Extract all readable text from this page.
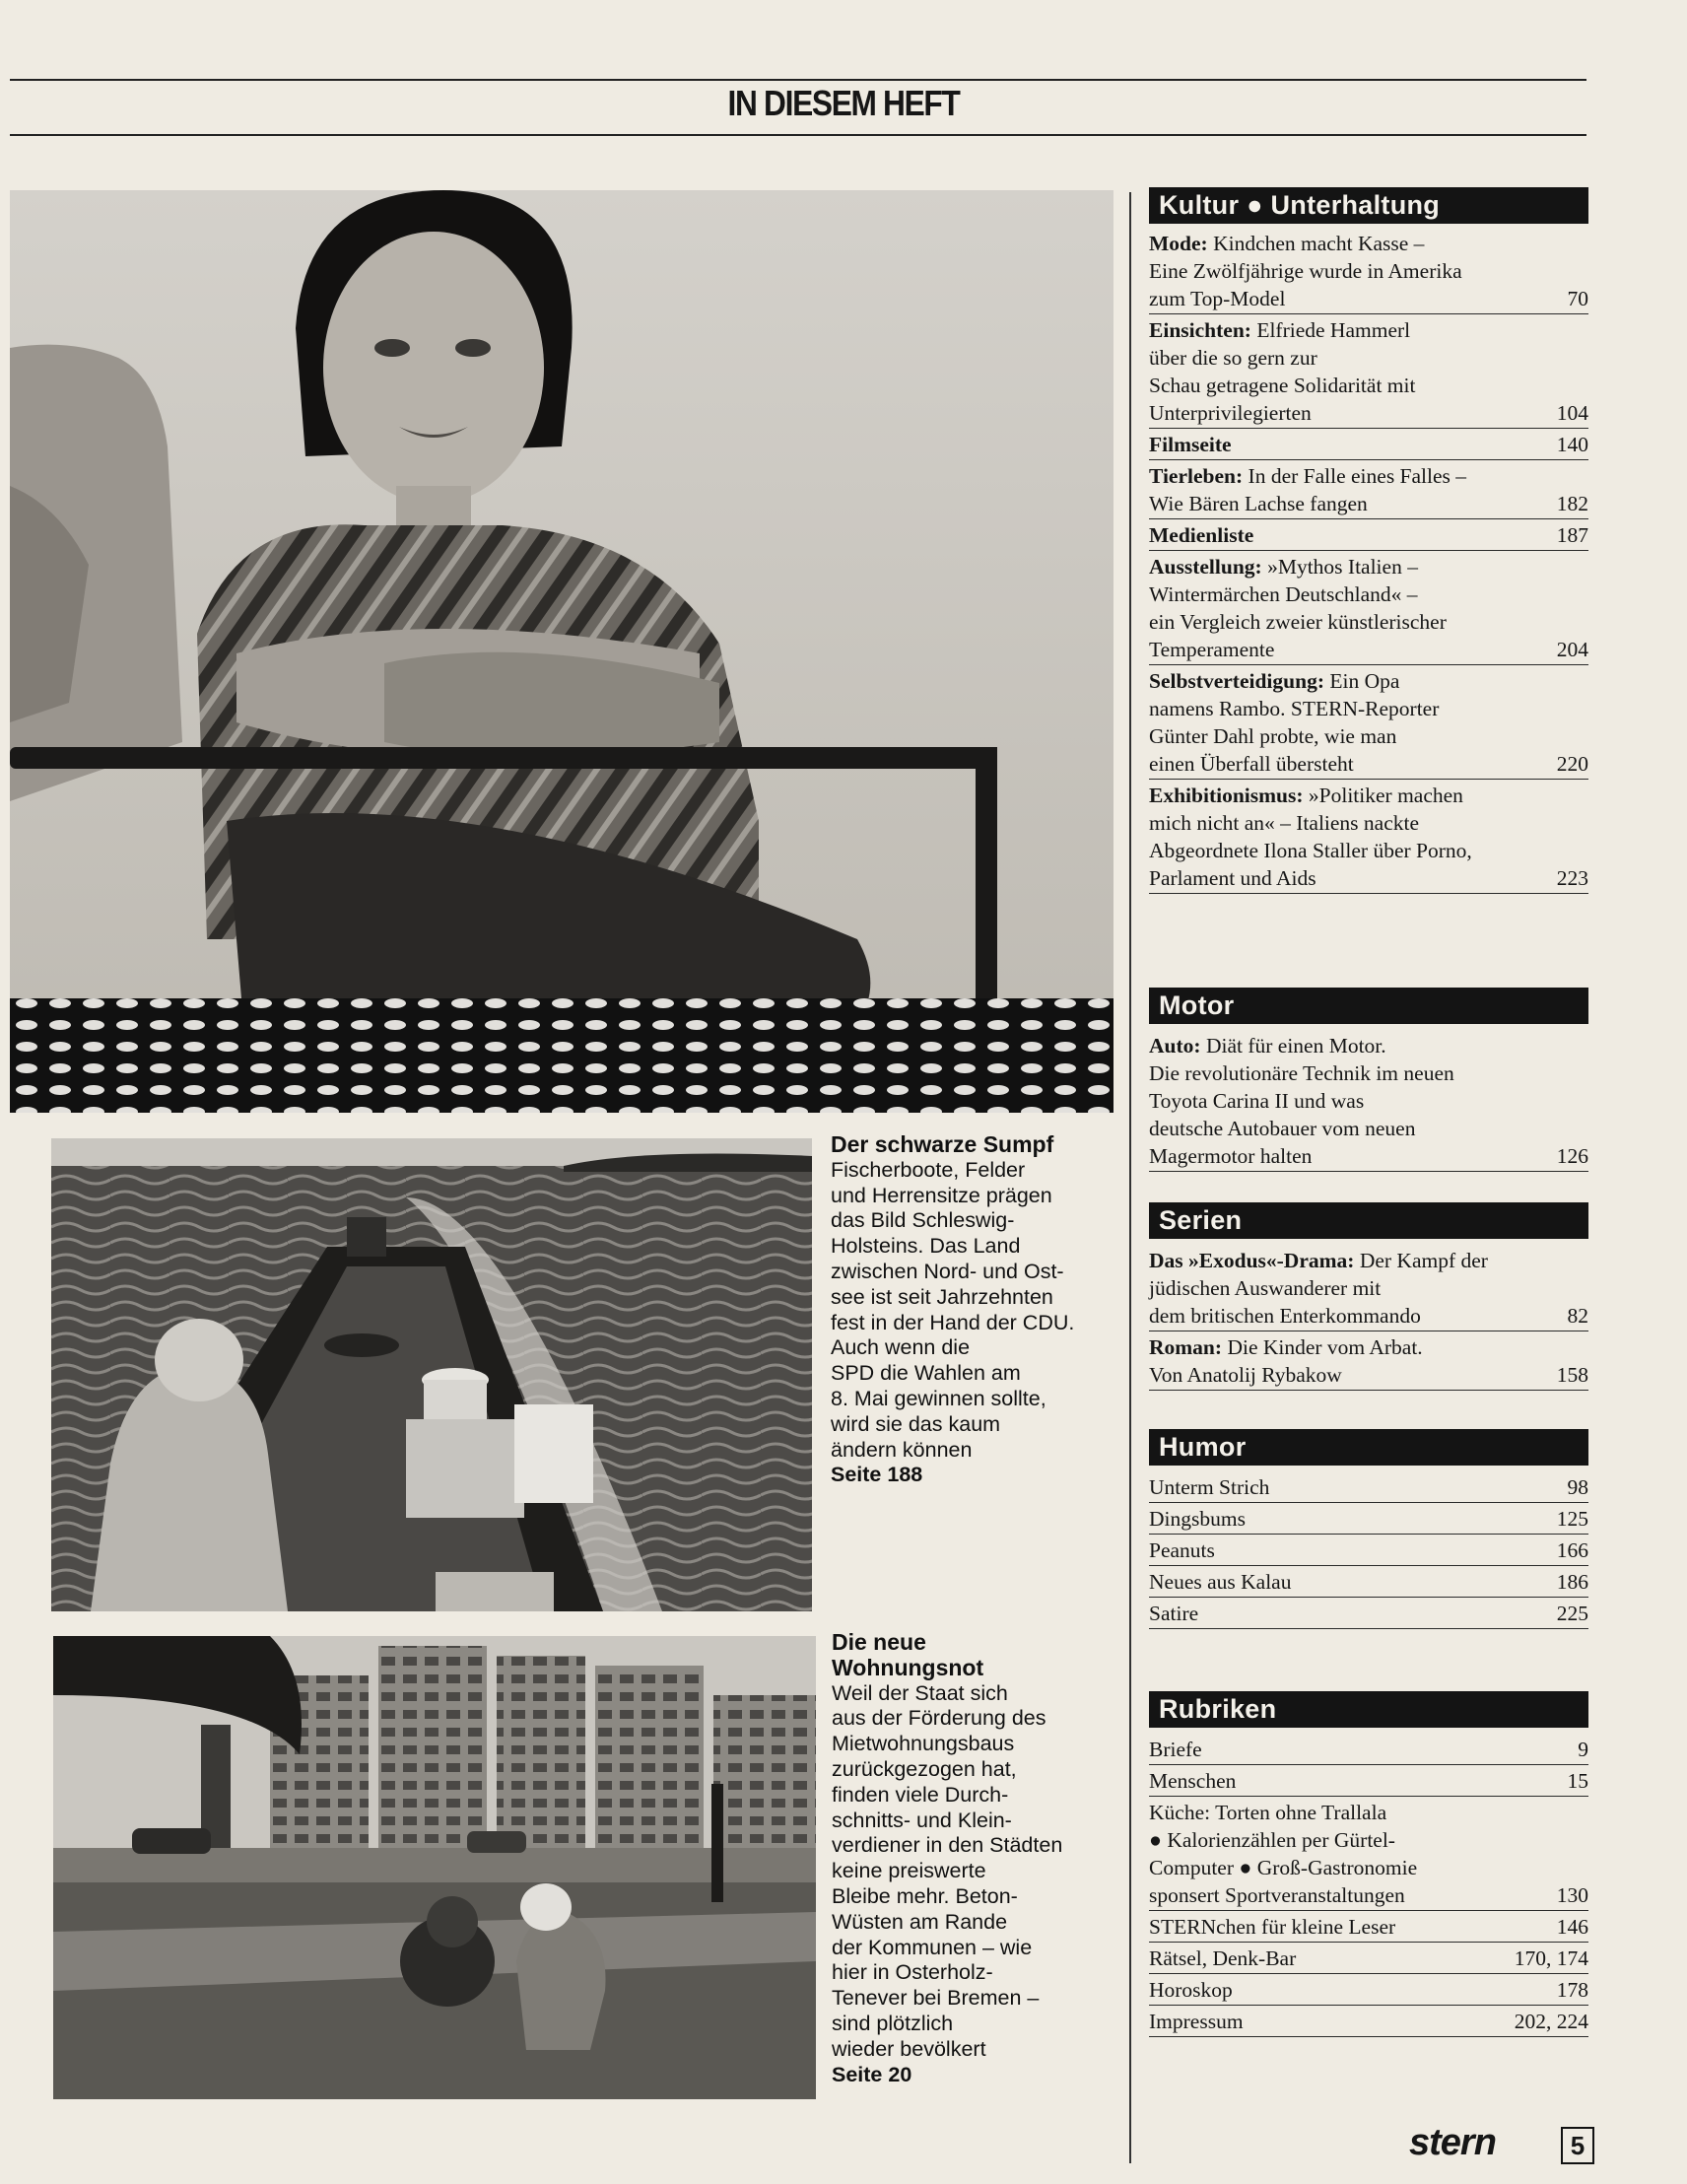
IN DIESEM HEFT
Der schwarze Sumpf
Fischerboote, Felder
und Herrensitze prägen
das Bild Schleswig-
Holsteins. Das Land
zwischen Nord- und Ost-
see ist seit Jahrzehnten
fest in der Hand der CDU.
Auch wenn die
SPD die Wahlen am
8. Mai gewinnen sollte,
wird sie das kaum
ändern können
Seite 188
Die neue
Wohnungsnot
Weil der Staat sich
aus der Förderung des
Mietwohnungsbaus
zurückgezogen hat,
finden viele Durch-
schnitts- und Klein-
verdiener in den Städten
keine preiswerte
Bleibe mehr. Beton-
Wüsten am Rande
der Kommunen – wie
hier in Osterholz-
Tenever bei Bremen –
sind plötzlich
wieder bevölkert
Seite 20
Kultur ● Unterhaltung
Mode: Kindchen macht Kasse –
Eine Zwölfjährige wurde in Amerika
zum Top-Model	70
Einsichten: Elfriede Hammerl
über die so gern zur
Schau getragene Solidarität mit
Unterprivilegierten	104
Filmseite	140
Tierleben: In der Falle eines Falles –
Wie Bären Lachse fangen	182
Medienliste	187
Ausstellung: »Mythos Italien –
Wintermärchen Deutschland« –
ein Vergleich zweier künstlerischer
Temperamente	204
Selbstverteidigung: Ein Opa
namens Rambo. STERN-Reporter
Günter Dahl probte, wie man
einen Überfall übersteht	220
Exhibitionismus: »Politiker machen
mich nicht an« – Italiens nackte
Abgeordnete Ilona Staller über Porno,
Parlament und Aids	223
Motor
Auto: Diät für einen Motor.
Die revolutionäre Technik im neuen
Toyota Carina II und was
deutsche Autobauer vom neuen
Magermotor halten	126
Serien
Das »Exodus«-Drama: Der Kampf der
jüdischen Auswanderer mit
dem britischen Enterkommando	82
Roman: Die Kinder vom Arbat.
Von Anatolij Rybakow	158
Humor
Unterm Strich	98
Dingsbums	125
Peanuts	166
Neues aus Kalau	186
Satire	225
Rubriken
Briefe	9
Menschen	15
Küche: Torten ohne Trallala
● Kalorienzählen per Gürtel-
Computer ● Groß-Gastronomie
sponsert Sportveranstaltungen	130
STERNchen für kleine Leser	146
Rätsel, Denk-Bar	170, 174
Horoskop	178
Impressum	202, 224
stern	5
